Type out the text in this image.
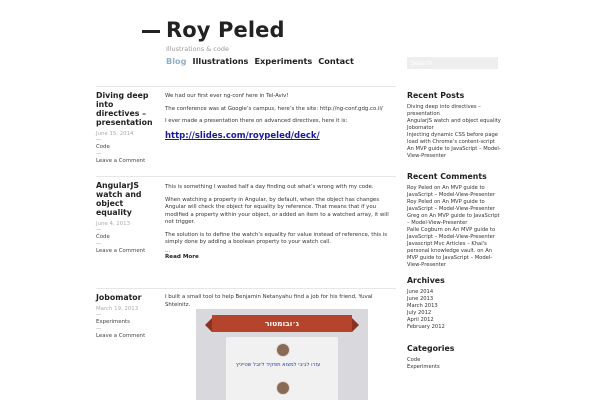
Roy Peled
Illustrations & code
Blog Illustrations Experiments Contact
Diving deep into directives – presentation
June 15, 2014
—
Code
—
Leave a Comment

We had our first ever ng-conf here in Tel-Aviv!

The conference was at Google’s campus, here’s the site: http://ng-conf.gdg.co.il/

I ever made a presentation there on advanced directives, here it is:

http://slides.com/roypeled/deck/
AngularJS watch and object equality
June 4, 2013
—
Code
—
Leave a Comment

This is something I wasted half a day finding out what’s wrong with my code.

When watching a property in Angular, by default, when the object has changes Angular will check the object for equality by reference. That means that if you modified a property within your object, or added an item to a watched array, it will not trigger.

The solution is to define the watch’s equality for value instead of reference, this is simply done by adding a boolean property to your watch call.

…
Read More
Jobomator
March 19, 2013
—
Experiments
—
Leave a Comment

I built a small tool to help Benjamin Netanyahu find a job for his friend, Yuval Shteinitz.

ג׳ובומטור
עזרו לביבי למצוא תפקיד ליובל שטייניץ
Search
Recent Posts
Diving deep into directives – presentation
AngularJS watch and object equality
Jobomator
Injecting dynamic CSS before page load with Chrome’s content-script
An MVP guide to JavaScript – Model-View-Presenter
Recent Comments
Roy Peled on An MVP guide to JavaScript – Model-View-Presenter
Roy Peled on An MVP guide to JavaScript – Model-View-Presenter
Greg on An MVP guide to JavaScript – Model-View-Presenter
Palle Cogburn on An MVP guide to JavaScript – Model-View-Presenter
Javascript Mvc Articles – Khai's personal knowledge vault. on An MVP guide to JavaScript – Model-View-Presenter
Archives
June 2014
June 2013
March 2013
July 2012
April 2012
February 2012
Categories
Code
Experiments
